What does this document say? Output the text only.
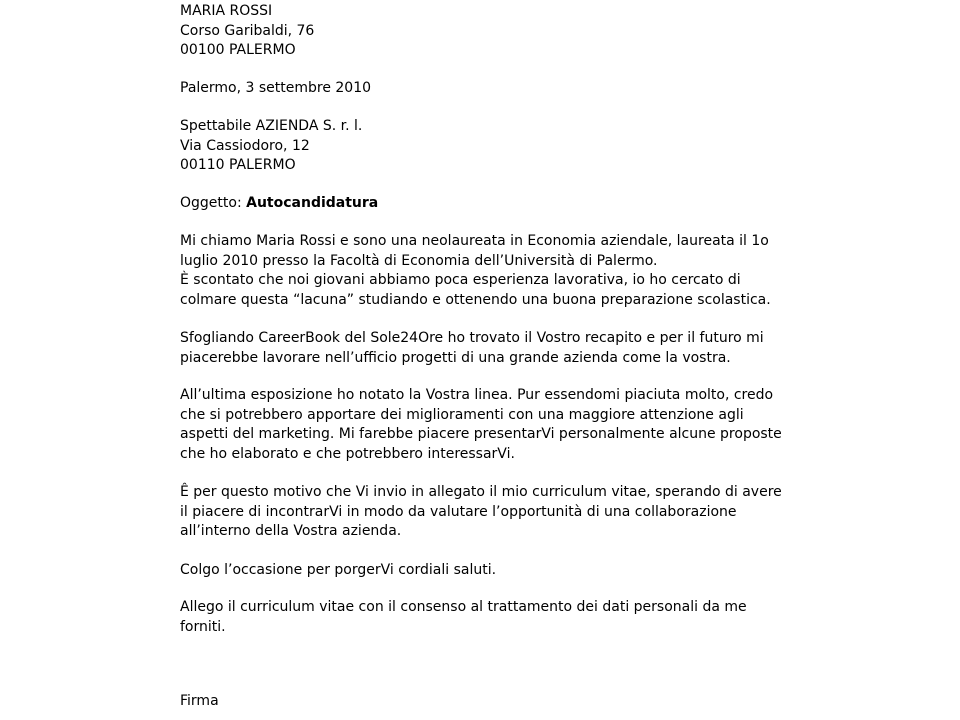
MARIA ROSSI
Corso Garibaldi, 76
00100 PALERMO
Palermo, 3 settembre 2010
Spettabile AZIENDA S. r. l.
Via Cassiodoro, 12
00110 PALERMO
Oggetto: Autocandidatura
Mi chiamo Maria Rossi e sono una neolaureata in Economia aziendale, laureata il 1o
luglio 2010 presso la Facoltà di Economia dell’Università di Palermo.
È scontato che noi giovani abbiamo poca esperienza lavorativa, io ho cercato di
colmare questa “lacuna” studiando e ottenendo una buona preparazione scolastica.
Sfogliando CareerBook del Sole24Ore ho trovato il Vostro recapito e per il futuro mi
piacerebbe lavorare nell’ufficio progetti di una grande azienda come la vostra.
All’ultima esposizione ho notato la Vostra linea. Pur essendomi piaciuta molto, credo
che si potrebbero apportare dei miglioramenti con una maggiore attenzione agli
aspetti del marketing. Mi farebbe piacere presentarVi personalmente alcune proposte
che ho elaborato e che potrebbero interessarVi.
Ê per questo motivo che Vi invio in allegato il mio curriculum vitae, sperando di avere
il piacere di incontrarVi in modo da valutare l’opportunità di una collaborazione
all’interno della Vostra azienda.
Colgo l’occasione per porgerVi cordiali saluti.
Allego il curriculum vitae con il consenso al trattamento dei dati personali da me
forniti.
Firma
